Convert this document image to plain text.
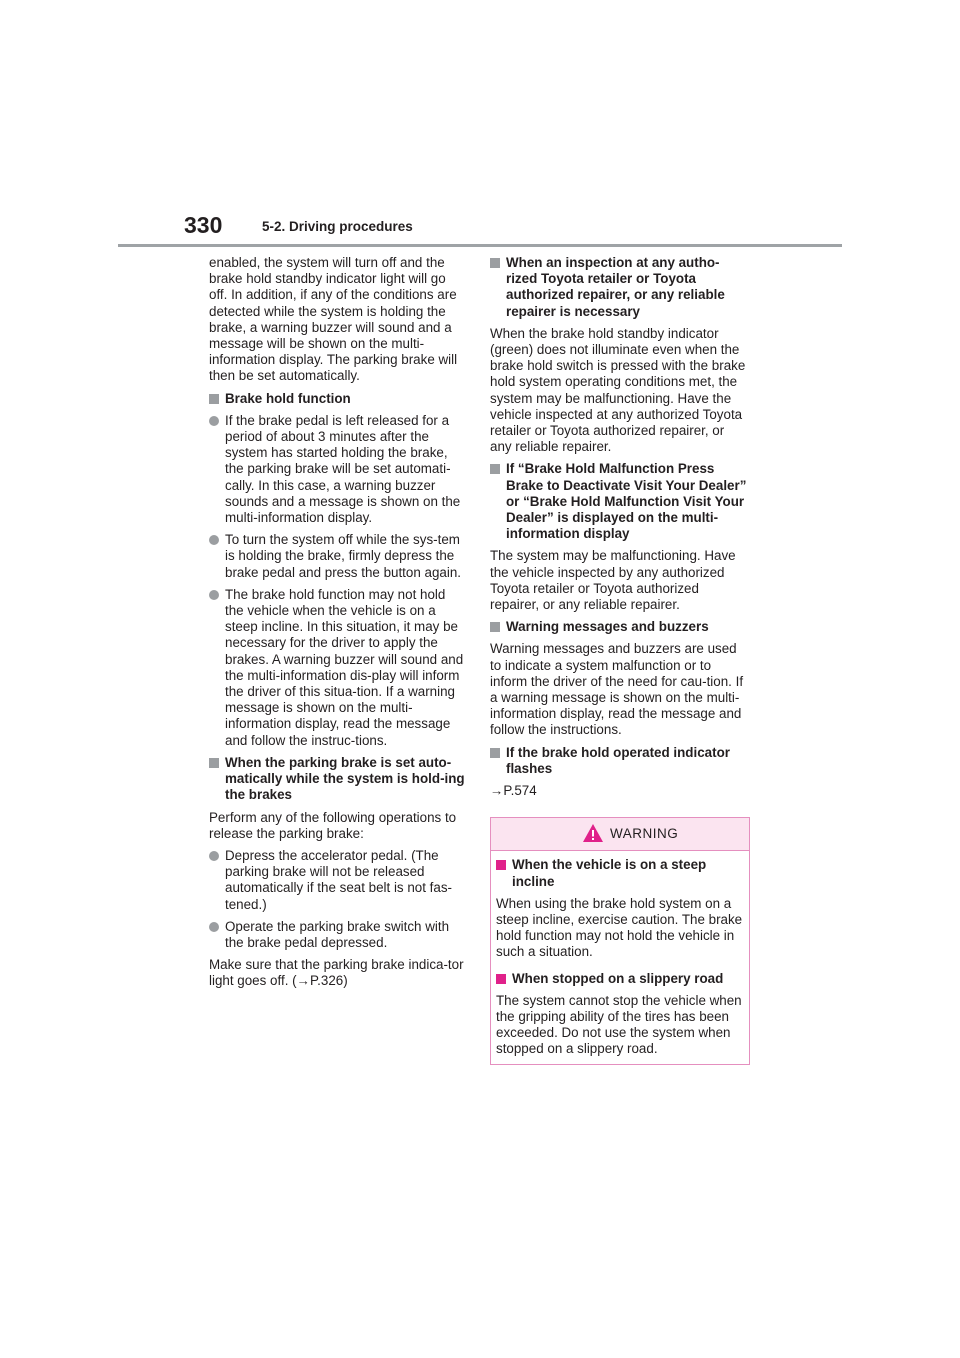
330	5-2. Driving procedures

enabled, the system will turn off and the brake hold standby indicator light will go off. In addition, if any of the conditions are detected while the system is holding the brake, a warning buzzer will sound and a message will be shown on the multi-information display. The parking brake will then be set automatically.

Brake hold function
If the brake pedal is left released for a period of about 3 minutes after the system has started holding the brake, the parking brake will be set automati-cally. In this case, a warning buzzer sounds and a message is shown on the multi-information display.
To turn the system off while the sys-tem is holding the brake, firmly depress the brake pedal and press the button again.
The brake hold function may not hold the vehicle when the vehicle is on a steep incline. In this situation, it may be necessary for the driver to apply the brakes. A warning buzzer will sound and the multi-information dis-play will inform the driver of this situa-tion. If a warning message is shown on the multi-information display, read the message and follow the instruc-tions.
When the parking brake is set auto-matically while the system is hold-ing the brakes

Perform any of the following operations to release the parking brake:

Depress the accelerator pedal. (The parking brake will not be released automatically if the seat belt is not fas-tened.)
Operate the parking brake switch with the brake pedal depressed.

Make sure that the parking brake indica-tor light goes off. (→P.326)

When an inspection at any autho-rized Toyota retailer or Toyota authorized repairer, or any reliable repairer is necessary

When the brake hold standby indicator (green) does not illuminate even when the brake hold switch is pressed with the brake hold system operating conditions met, the system may be malfunctioning. Have the vehicle inspected at any authorized Toyota retailer or Toyota authorized repairer, or any reliable repairer.

If “Brake Hold Malfunction Press Brake to Deactivate Visit Your Dealer” or “Brake Hold Malfunction Visit Your Dealer” is displayed on the multi-information display

The system may be malfunctioning. Have the vehicle inspected by any authorized Toyota retailer or Toyota authorized repairer, or any reliable repairer.

Warning messages and buzzers

Warning messages and buzzers are used to indicate a system malfunction or to inform the driver of the need for cau-tion. If a warning message is shown on the multi-information display, read the message and follow the instructions.

If the brake hold operated indicator flashes

→P.574

WARNING
When the vehicle is on a steep incline

When using the brake hold system on a steep incline, exercise caution. The brake hold function may not hold the vehicle in such a situation.

When stopped on a slippery road

The system cannot stop the vehicle when the gripping ability of the tires has been exceeded. Do not use the system when stopped on a slippery road.
